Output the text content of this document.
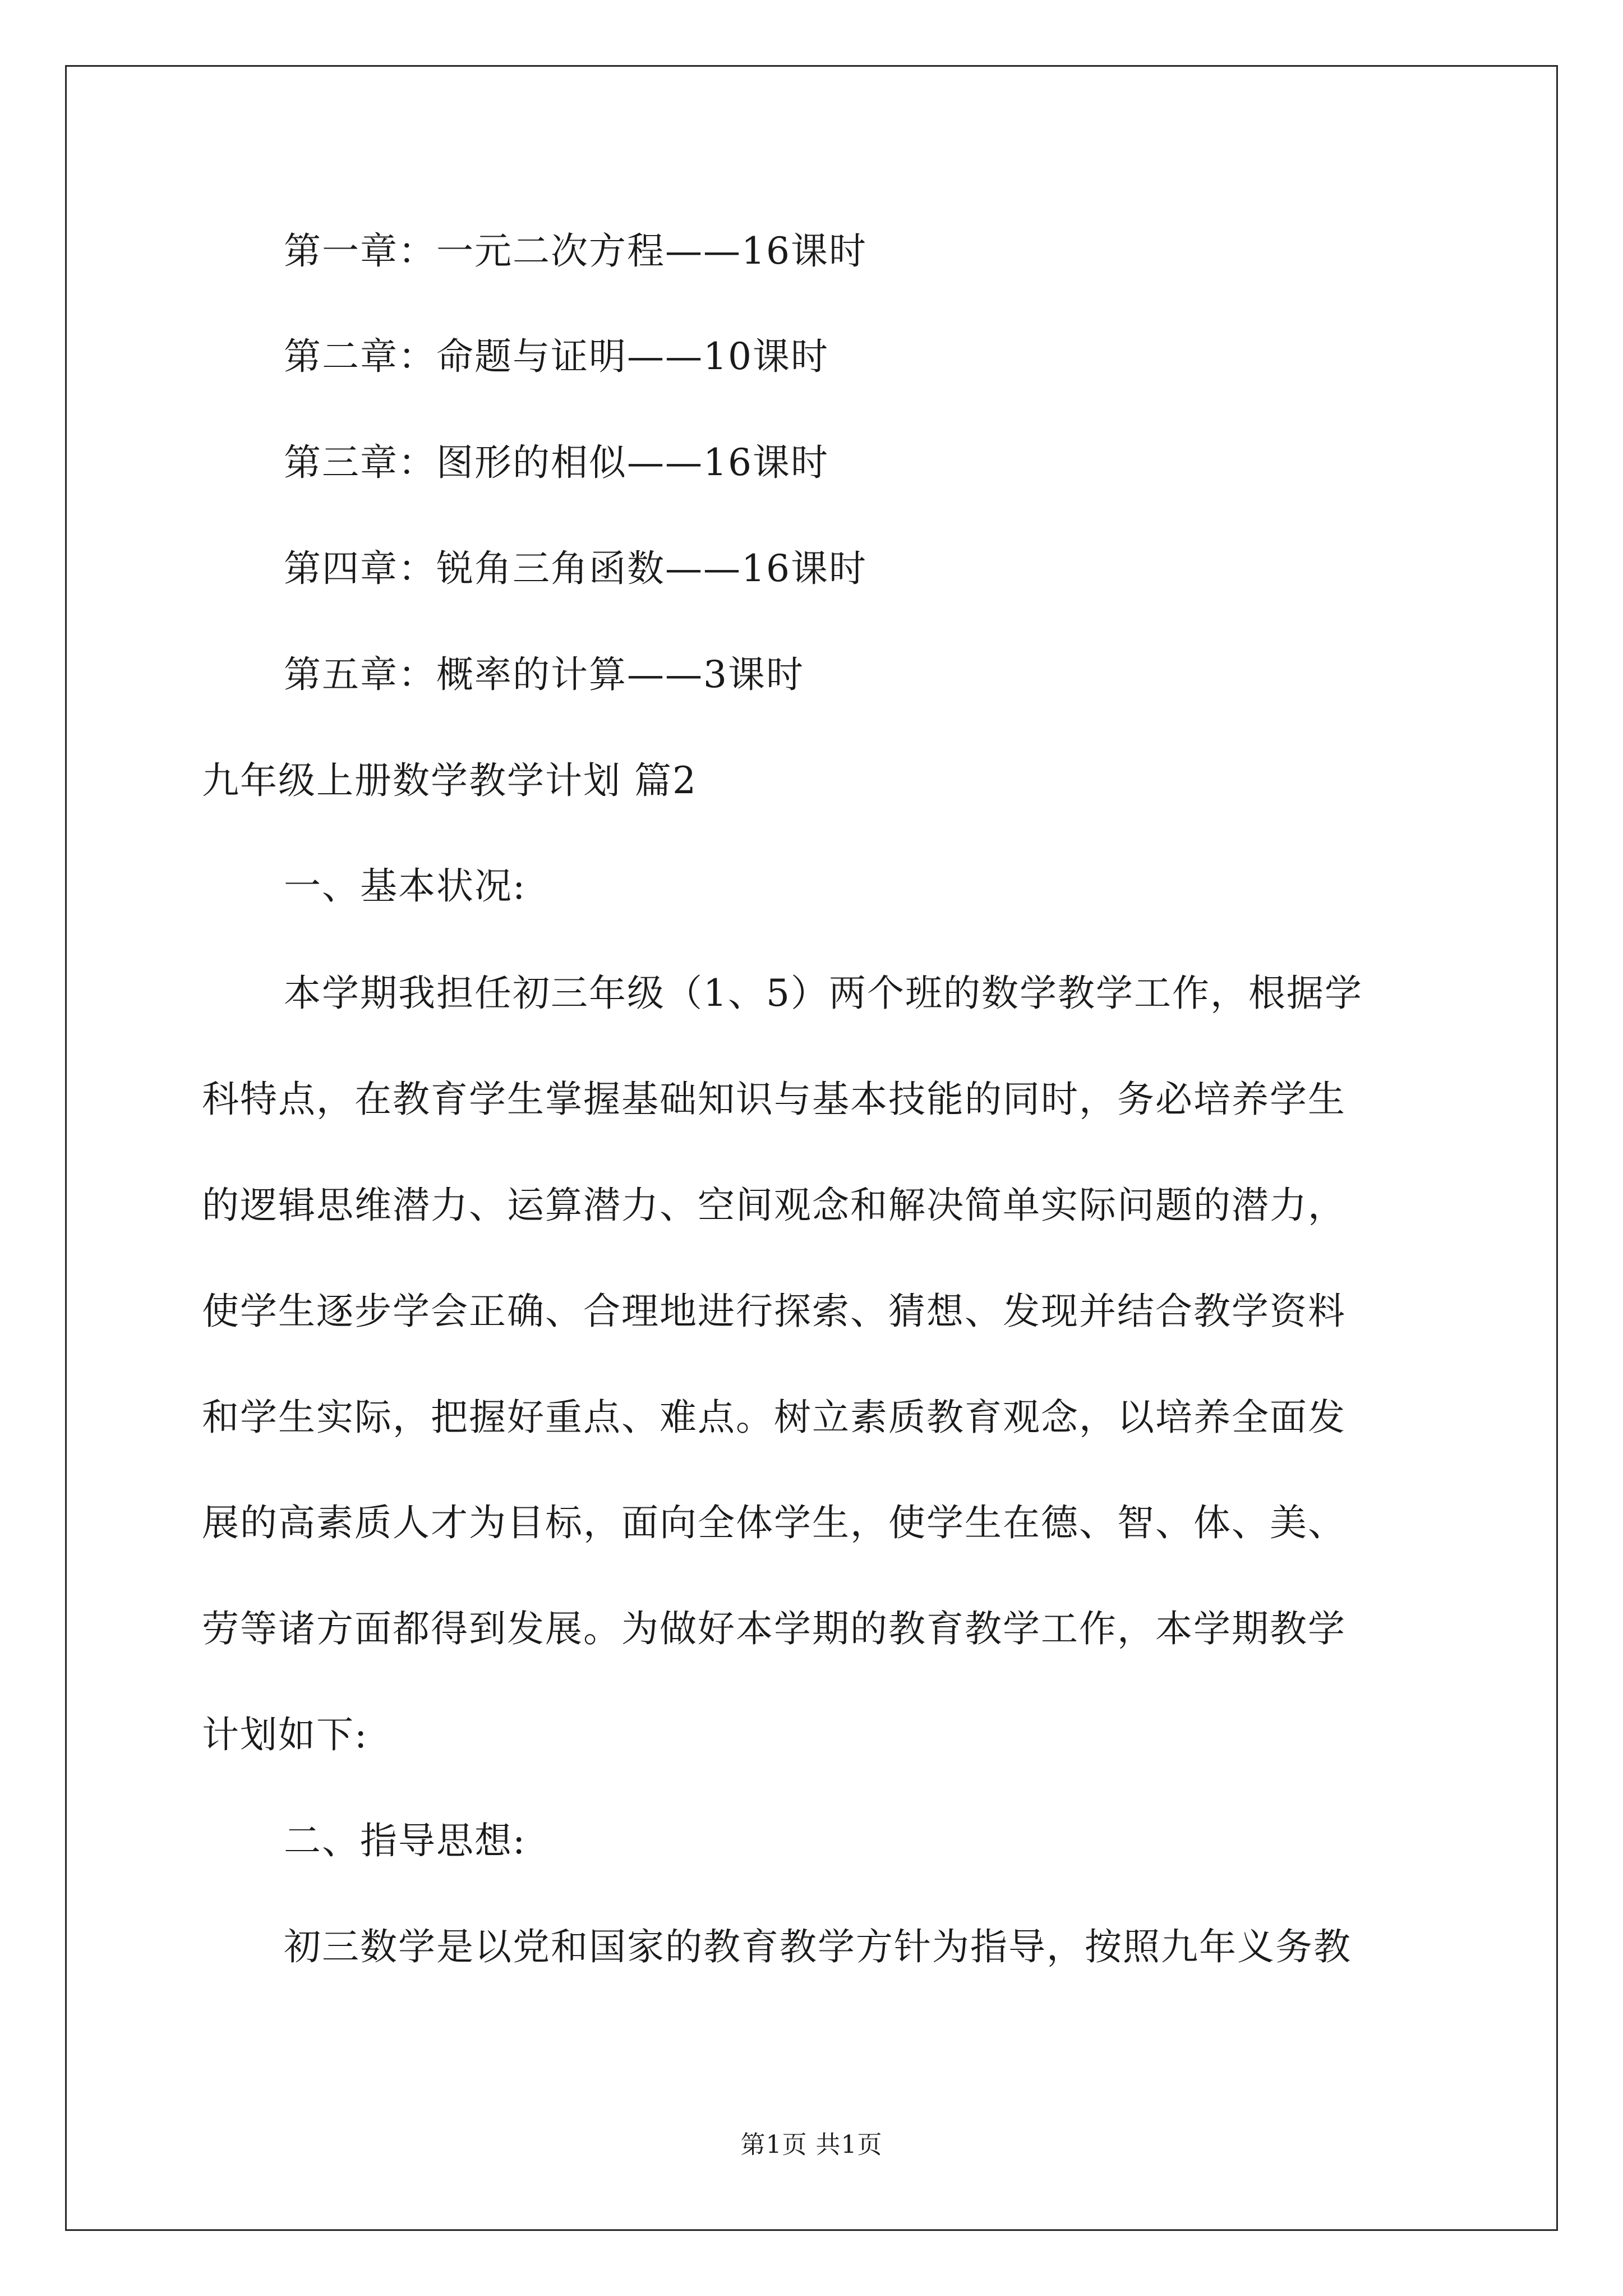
第一章：一元二次方程——16课时
第二章：命题与证明——10课时
第三章：图形的相似——16课时
第四章：锐角三角函数——16课时
第五章：概率的计算——3课时
九年级上册数学教学计划 篇2
一、基本状况:
本学期我担任初三年级（1、5）两个班的数学教学工作，根据学
科特点，在教育学生掌握基础知识与基本技能的同时，务必培养学生
的逻辑思维潜力、运算潜力、空间观念和解决简单实际问题的潜力，
使学生逐步学会正确、合理地进行探索、猜想、发现并结合教学资料
和学生实际，把握好重点、难点。树立素质教育观念，以培养全面发
展的高素质人才为目标，面向全体学生，使学生在德、智、体、美、
劳等诸方面都得到发展。为做好本学期的教育教学工作，本学期教学
计划如下:
二、指导思想:
初三数学是以党和国家的教育教学方针为指导，按照九年义务教
第1页 共1页
